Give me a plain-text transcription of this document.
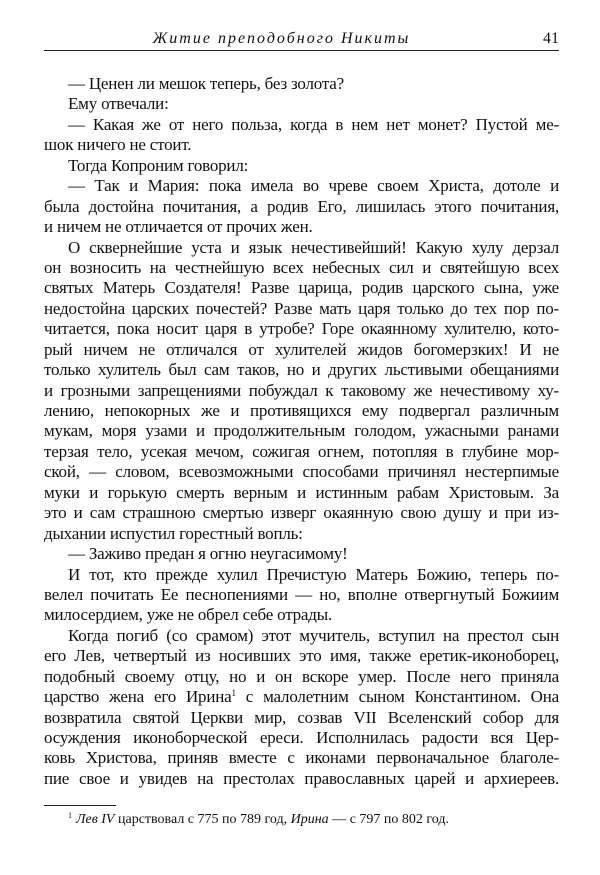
Житие преподобного Никиты	41
— Ценен ли мешок теперь, без золота?
Ему отвечали:
— Какая же от него польза, когда в нем нет монет? Пустой ме-
шок ничего не стоит.
Тогда Копроним говорил:
— Так и Мария: пока имела во чреве своем Христа, дотоле и
была достойна почитания, а родив Его, лишилась этого почитания,
и ничем не отличается от прочих жен.
О сквернейшие уста и язык нечестивейший! Какую хулу дерзал
он возносить на честнейшую всех небесных сил и святейшую всех
святых Матерь Создателя! Разве царица, родив царского сына, уже
недостойна царских почестей? Разве мать царя только до тех пор по-
читается, пока носит царя в утробе? Горе окаянному хулителю, кото-
рый ничем не отличался от хулителей жидов богомерзких! И не
только хулитель был сам таков, но и других льстивыми обещаниями
и грозными запрещениями побуждал к таковому же нечестивому ху-
лению, непокорных же и противящихся ему подвергал различным
мукам, моря узами и продолжительным голодом, ужасными ранами
терзая тело, усекая мечом, сожигая огнем, потопляя в глубине мор-
ской, — словом, всевозможными способами причинял нестерпимые
муки и горькую смерть верным и истинным рабам Христовым. За
это и сам страшною смертью изверг окаянную свою душу и при из-
дыхании испустил горестный вопль:
— Заживо предан я огню неугасимому!
И тот, кто прежде хулил Пречистую Матерь Божию, теперь по-
велел почитать Ее песнопениями — но, вполне отвергнутый Божиим
милосердием, уже не обрел себе отрады.
Когда погиб (со срамом) этот мучитель, вступил на престол сын
его Лев, четвертый из носивших это имя, также еретик-иконоборец,
подобный своему отцу, но и он вскоре умер. После него приняла
царство жена его Ирина$^1$ с малолетним сыном Константином. Она
возвратила святой Церкви мир, созвав VII Вселенский собор для
осуждения иконоборческой ереси. Исполнилась радости вся Цер-
ковь Христова, приняв вместе с иконами первоначальное благоле-
пие свое и увидев на престолах православных царей и архиереев.
$^1$ Лев IV царствовал с 775 по 789 год, Ирина — с 797 по 802 год.
